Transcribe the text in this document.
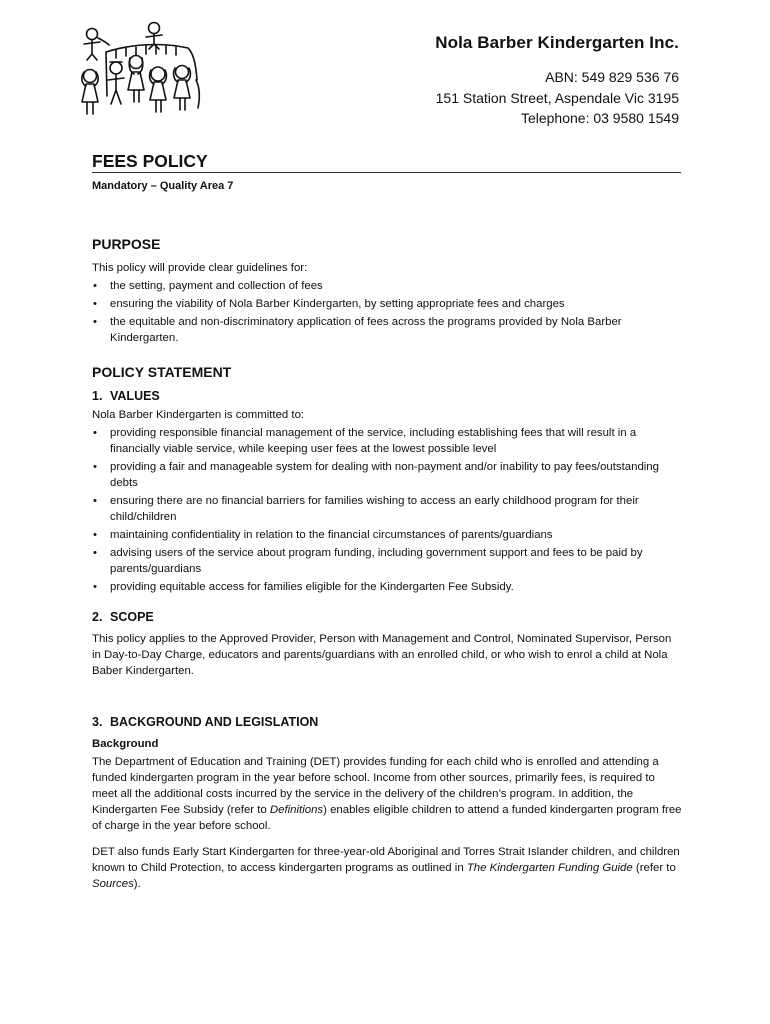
Nola Barber Kindergarten Inc.
ABN: 549 829 536 76
151 Station Street, Aspendale Vic 3195
Telephone: 03 9580 1549
FEES POLICY
Mandatory – Quality Area 7
PURPOSE

This policy will provide clear guidelines for:

• the setting, payment and collection of fees
• ensuring the viability of Nola Barber Kindergarten, by setting appropriate fees and charges
• the equitable and non-discriminatory application of fees across the programs provided by Nola Barber Kindergarten.
POLICY STATEMENT
1. VALUES

Nola Barber Kindergarten is committed to:

• providing responsible financial management of the service, including establishing fees that will result in a financially viable service, while keeping user fees at the lowest possible level
• providing a fair and manageable system for dealing with non-payment and/or inability to pay fees/outstanding debts
• ensuring there are no financial barriers for families wishing to access an early childhood program for their child/children
• maintaining confidentiality in relation to the financial circumstances of parents/guardians
• advising users of the service about program funding, including government support and fees to be paid by parents/guardians
• providing equitable access for families eligible for the Kindergarten Fee Subsidy.
2. SCOPE

This policy applies to the Approved Provider, Person with Management and Control, Nominated Supervisor, Person in Day-to-Day Charge, educators and parents/guardians with an enrolled child, or who wish to enrol a child at Nola Baber Kindergarten.

3. BACKGROUND AND LEGISLATION
Background

The Department of Education and Training (DET) provides funding for each child who is enrolled and attending a funded kindergarten program in the year before school. Income from other sources, primarily fees, is required to meet all the additional costs incurred by the service in the delivery of the children’s program. In addition, the Kindergarten Fee Subsidy (refer to Definitions) enables eligible children to attend a funded kindergarten program free of charge in the year before school.

DET also funds Early Start Kindergarten for three-year-old Aboriginal and Torres Strait Islander children, and children known to Child Protection, to access kindergarten programs as outlined in The Kindergarten Funding Guide (refer to Sources).
